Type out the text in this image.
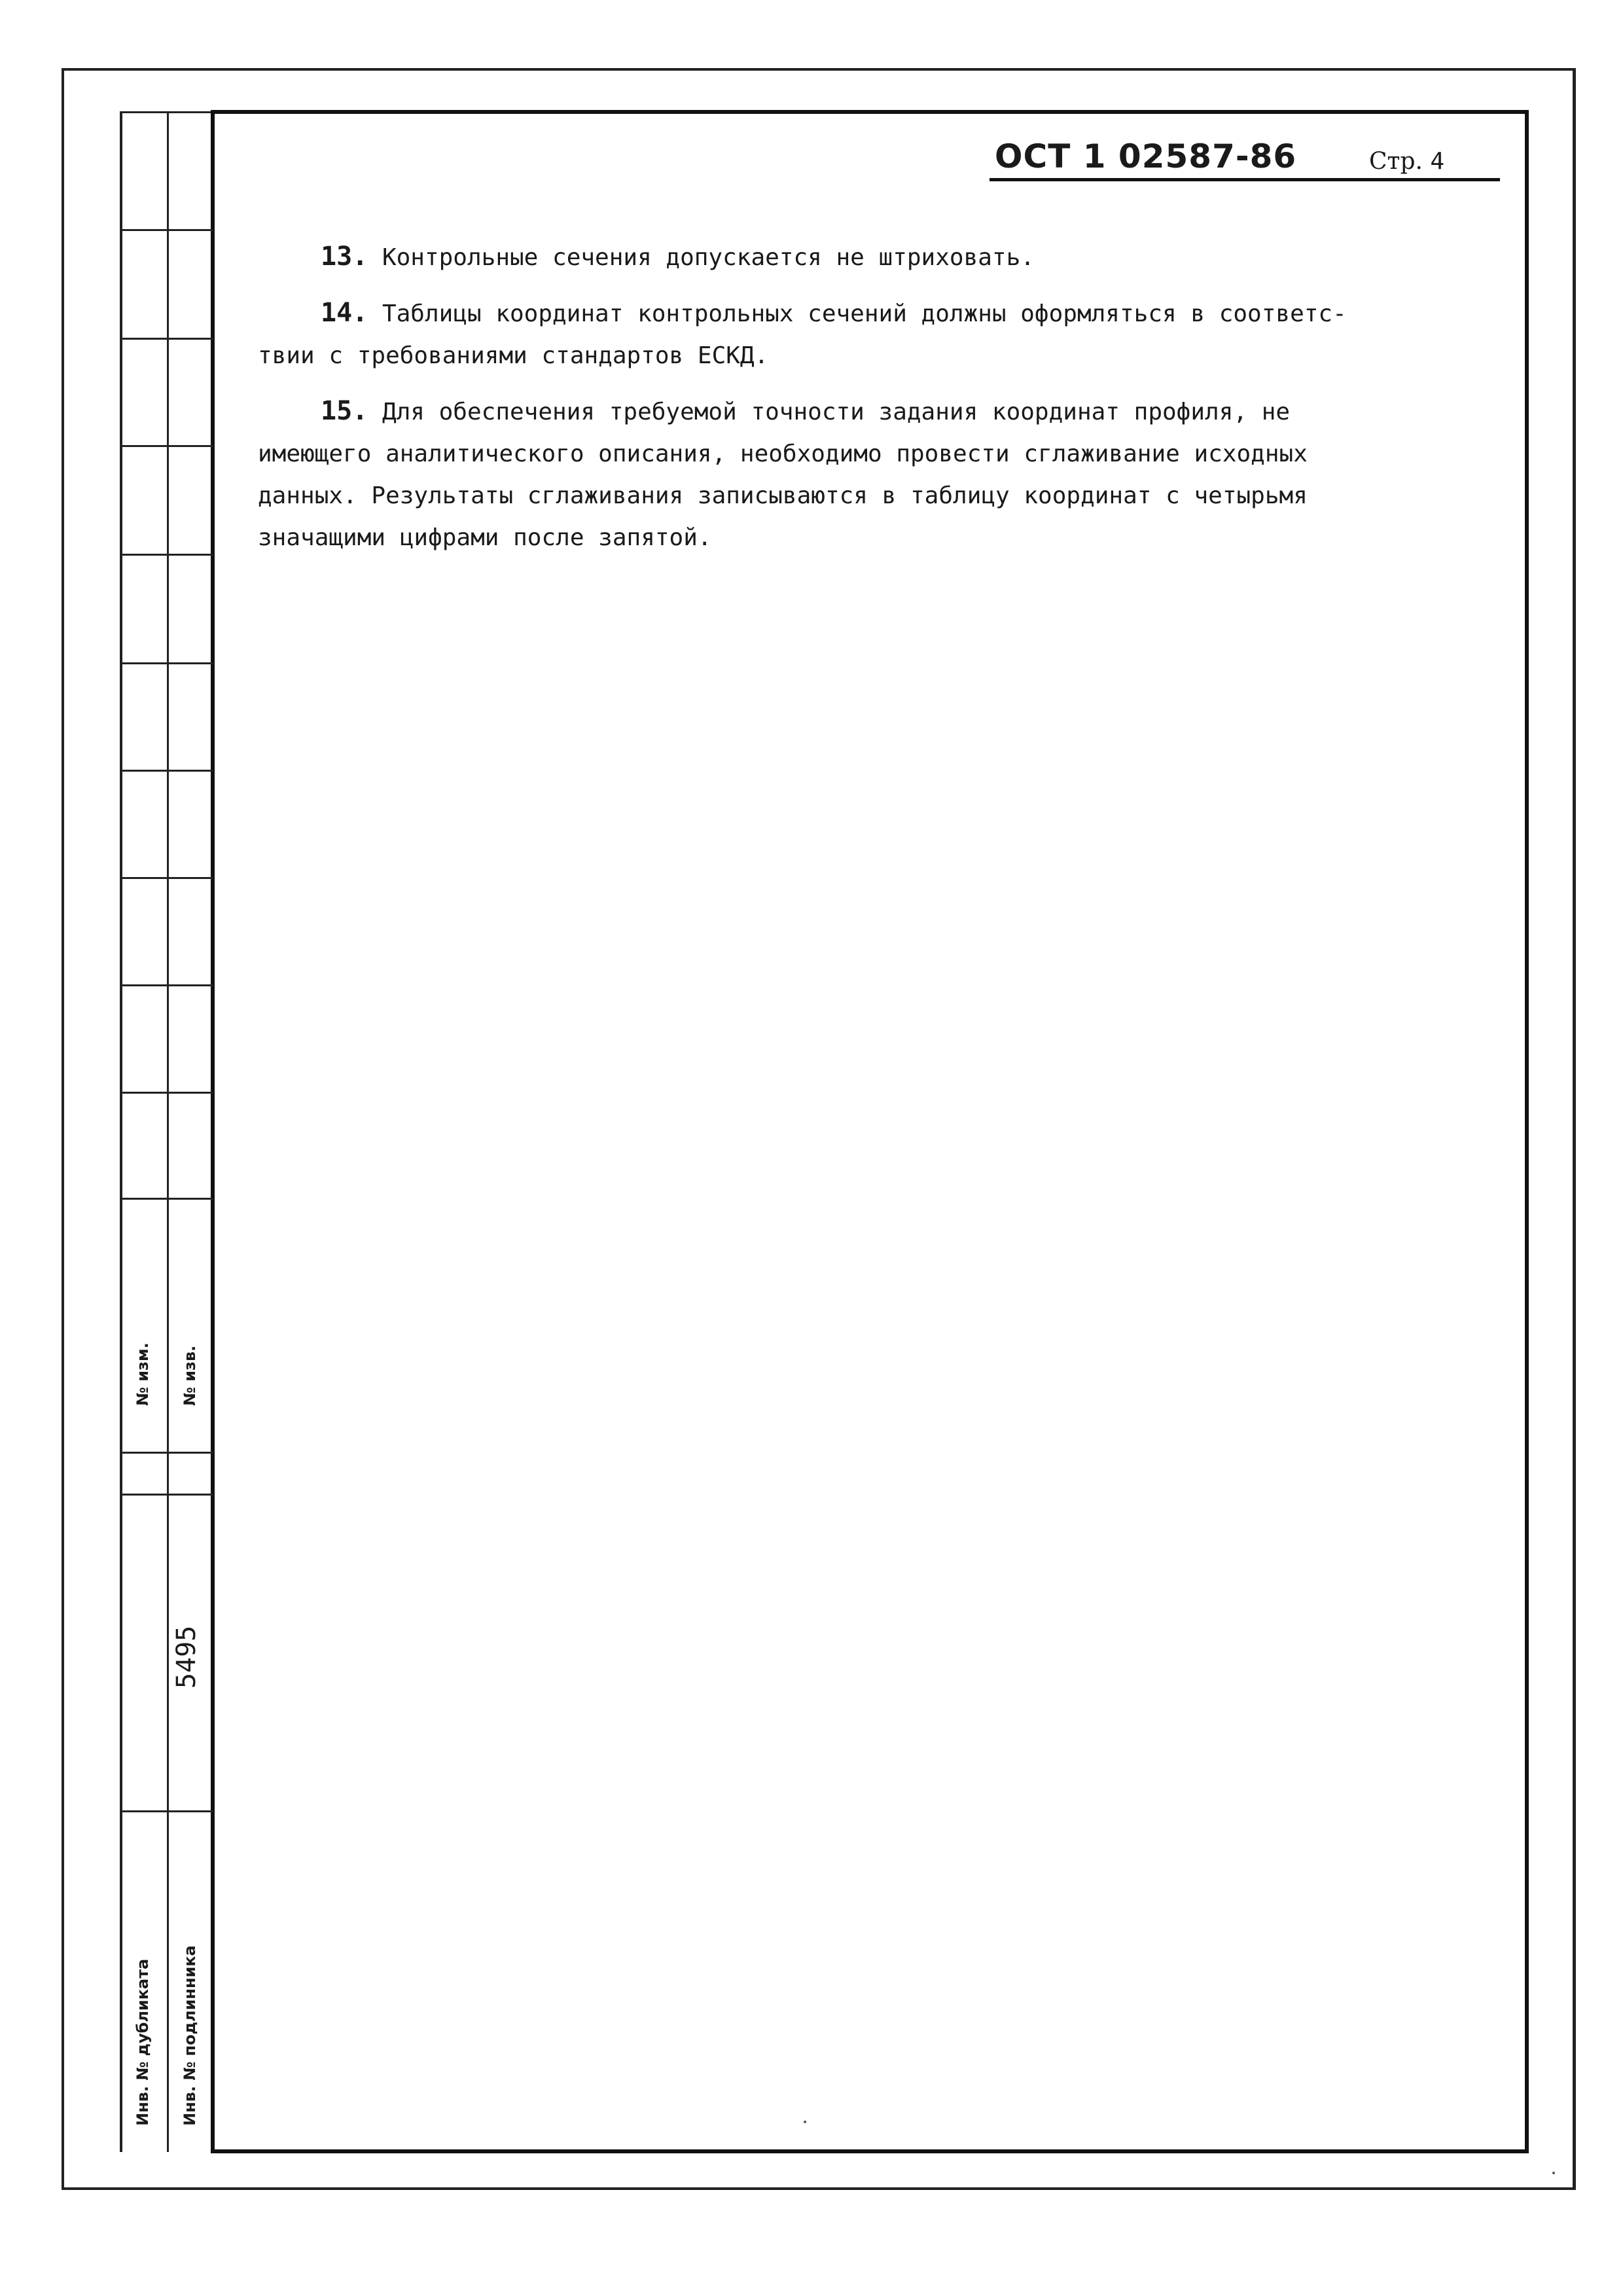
№ изм. № изв.
5495
Инв. № дубликата Инв. № подлинника
ОСТ 1 02587-86	Стр. 4

13. Контрольные сечения допускается не штриховать.

14. Таблицы координат контрольных сечений должны оформляться в соответс-
твии с требованиями стандартов ЕСКД.

15. Для обеспечения требуемой точности задания координат профиля, не
имеющего аналитического описания, необходимо провести сглаживание исходных
данных. Результаты сглаживания записываются в таблицу координат с четырьмя
значащими цифрами после запятой.
